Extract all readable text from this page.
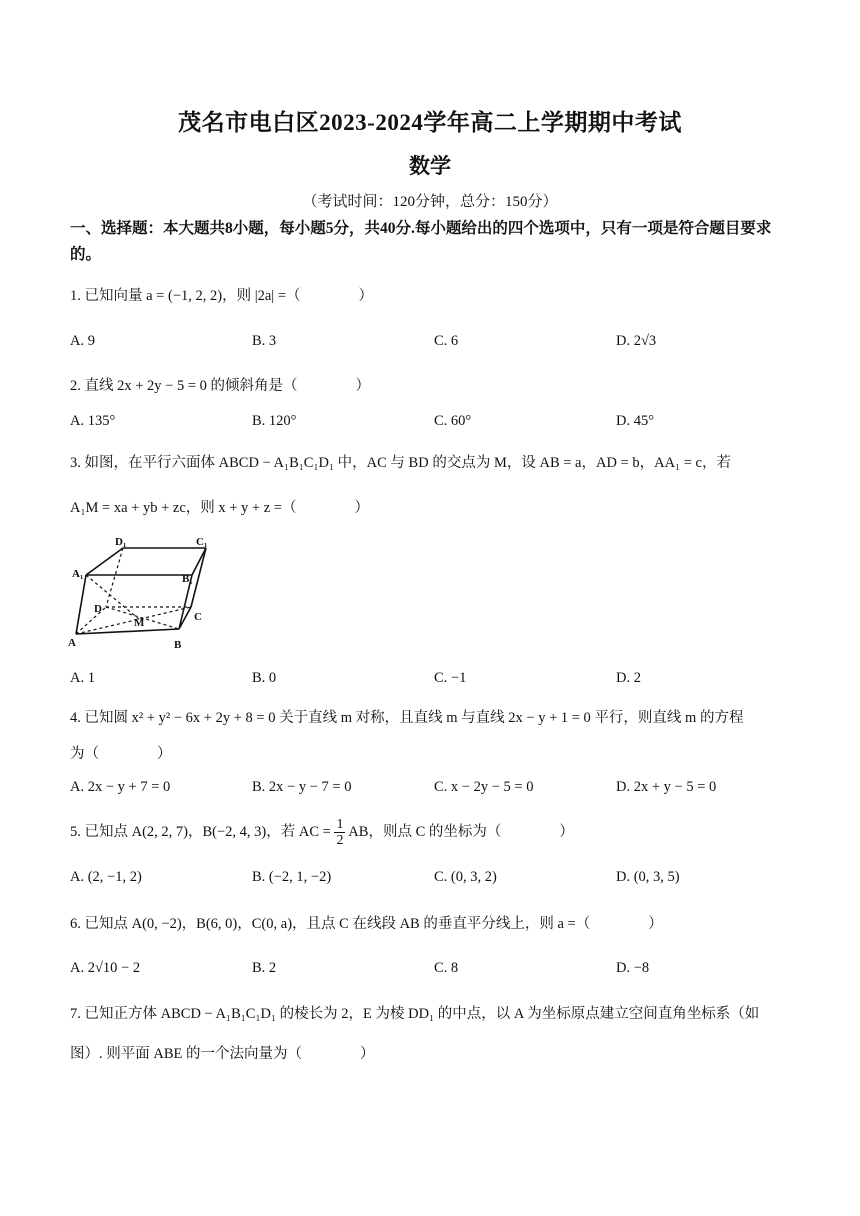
茂名市电白区2023-2024学年高二上学期期中考试
数学
（考试时间：120分钟，总分：150分）
一、选择题：本大题共8小题，每小题5分，共40分.每小题给出的四个选项中，只有一项是符合题目要求的。
1. 已知向量 a = (−1, 2, 2)，则 |2a| =（　　　　）
A. 9	B. 3	C. 6	D. 2√3
2. 直线 2x + 2y − 5 = 0 的倾斜角是（　　　　）
A. 135°	B. 120°	C. 60°	D. 45°
3. 如图，在平行六面体 ABCD − A₁B₁C₁D₁ 中，AC 与 BD 的交点为 M，设 AB = a，AD = b，AA₁ = c，若
A₁M = xa + yb + zc，则 x + y + z =（　　　　）
D₁	C₁
A₁	B₁
D
M	C
A	B
A. 1	B. 0	C. −1	D. 2
4. 已知圆 x² + y² − 6x + 2y + 8 = 0 关于直线 m 对称，且直线 m 与直线 2x − y + 1 = 0 平行，则直线 m 的方程
为（　　　　）
A. 2x − y + 7 = 0	B. 2x − y − 7 = 0	C. x − 2y − 5 = 0	D. 2x + y − 5 = 0
5. 已知点 A(2, 2, 7)，B(−2, 4, 3)，若 AC = $\frac{1}{2}$ AB，则点 C 的坐标为（　　　　）
A. (2, −1, 2)	B. (−2, 1, −2)	C. (0, 3, 2)	D. (0, 3, 5)
6. 已知点 A(0, −2)，B(6, 0)，C(0, a)，且点 C 在线段 AB 的垂直平分线上，则 a =（　　　　）
A. 2√10 − 2	B. 2	C. 8	D. −8
7. 已知正方体 ABCD − A₁B₁C₁D₁ 的棱长为 2，E 为棱 DD₁ 的中点，以 A 为坐标原点建立空间直角坐标系（如
图）. 则平面 ABE 的一个法向量为（　　　　）
